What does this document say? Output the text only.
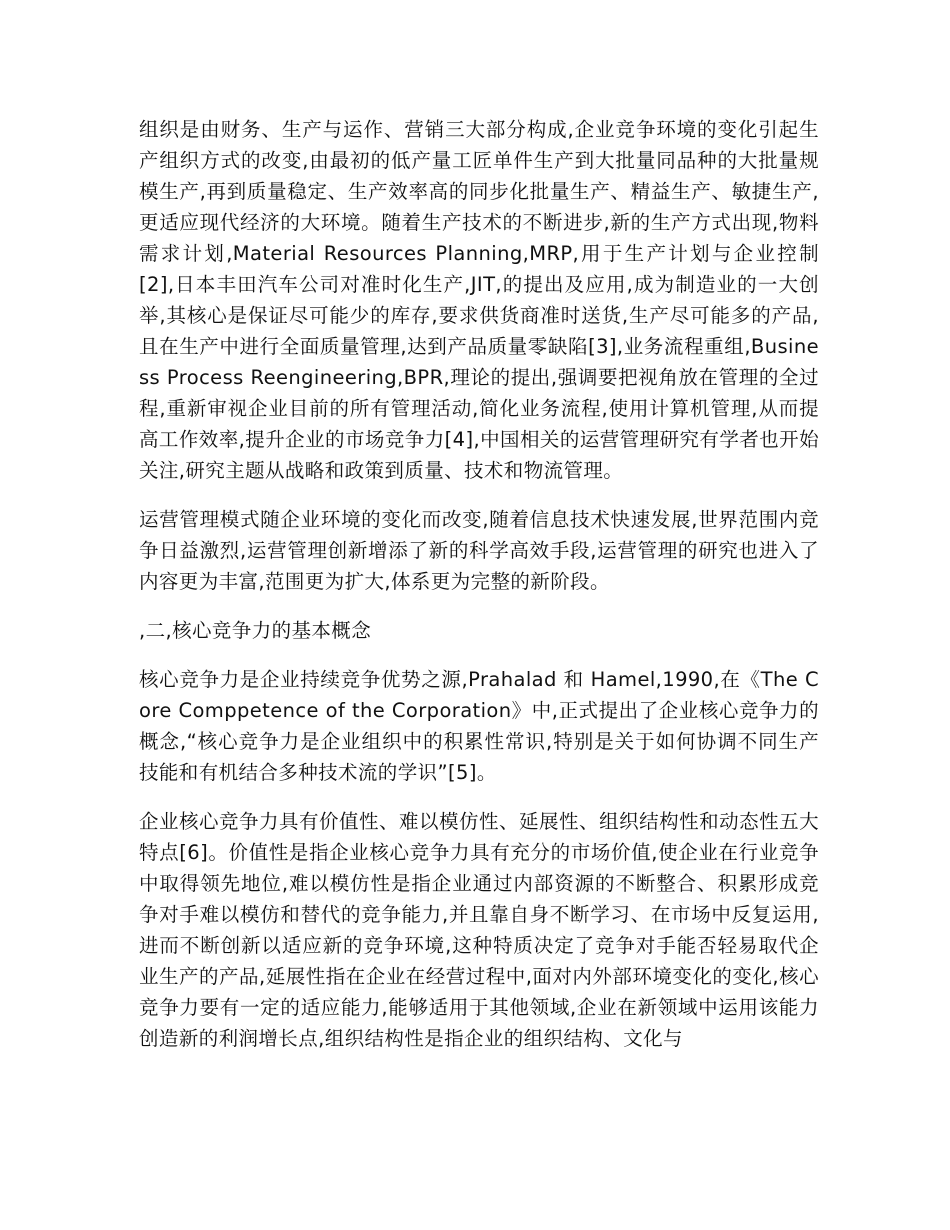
组织是由财务、生产与运作、营销三大部分构成,企业竞争环境的变化引起生产组织方式的改变,由最初的低产量工匠单件生产到大批量同品种的大批量规模生产,再到质量稳定、生产效率高的同步化批量生产、精益生产、敏捷生产,更适应现代经济的大环境。随着生产技术的不断进步,新的生产方式出现,物料需求计划,Material Resources Planning,MRP,用于生产计划与企业控制[2],日本丰田汽车公司对准时化生产,JIT,的提出及应用,成为制造业的一大创举,其核心是保证尽可能少的库存,要求供货商准时送货,生产尽可能多的产品,且在生产中进行全面质量管理,达到产品质量零缺陷[3],业务流程重组,Business Process Reengineering,BPR,理论的提出,强调要把视角放在管理的全过程,重新审视企业目前的所有管理活动,简化业务流程,使用计算机管理,从而提高工作效率,提升企业的市场竞争力[4],中国相关的运营管理研究有学者也开始关注,研究主题从战略和政策到质量、技术和物流管理。

运营管理模式随企业环境的变化而改变,随着信息技术快速发展,世界范围内竞争日益激烈,运营管理创新增添了新的科学高效手段,运营管理的研究也进入了内容更为丰富,范围更为扩大,体系更为完整的新阶段。

,二,核心竞争力的基本概念

核心竞争力是企业持续竞争优势之源,Prahalad 和 Hamel,1990,在《The Core Comppetence of the Corporation》中,正式提出了企业核心竞争力的概念,“核心竞争力是企业组织中的积累性常识,特别是关于如何协调不同生产技能和有机结合多种技术流的学识”[5]。

企业核心竞争力具有价值性、难以模仿性、延展性、组织结构性和动态性五大特点[6]。价值性是指企业核心竞争力具有充分的市场价值,使企业在行业竞争中取得领先地位,难以模仿性是指企业通过内部资源的不断整合、积累形成竞争对手难以模仿和替代的竞争能力,并且靠自身不断学习、在市场中反复运用,进而不断创新以适应新的竞争环境,这种特质决定了竞争对手能否轻易取代企业生产的产品,延展性指在企业在经营过程中,面对内外部环境变化的变化,核心竞争力要有一定的适应能力,能够适用于其他领域,企业在新领域中运用该能力创造新的利润增长点,组织结构性是指企业的组织结构、文化与
